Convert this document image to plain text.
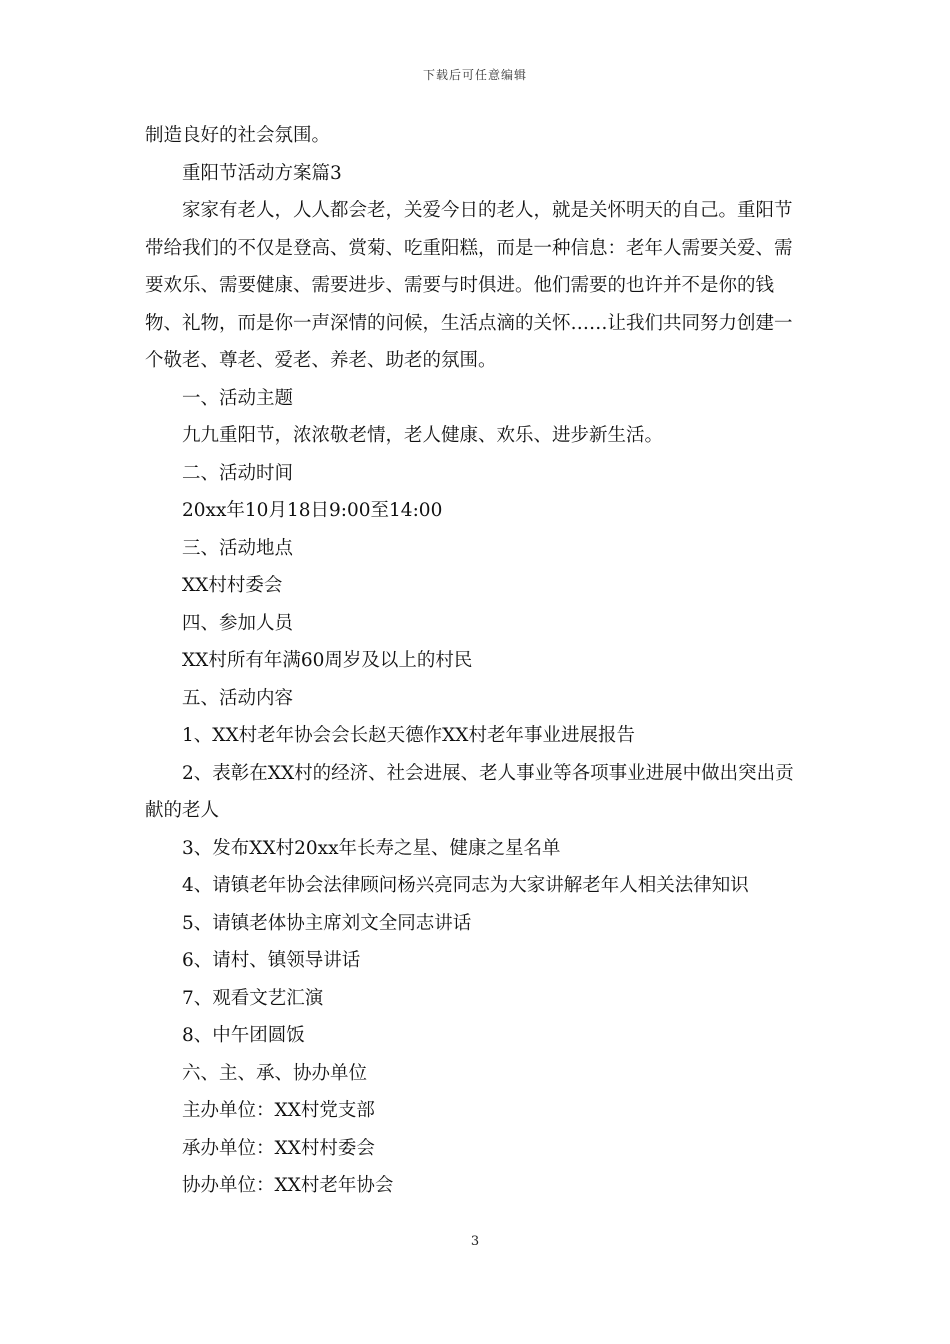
下载后可任意编辑

制造良好的社会氛围。

重阳节活动方案篇3

家家有老人，人人都会老，关爱今日的老人，就是关怀明天的自己。重阳节带给我们的不仅是登高、赏菊、吃重阳糕，而是一种信息：老年人需要关爱、需要欢乐、需要健康、需要进步、需要与时俱进。他们需要的也许并不是你的钱物、礼物，而是你一声深情的问候，生活点滴的关怀……让我们共同努力创建一个敬老、尊老、爱老、养老、助老的氛围。

一、活动主题

九九重阳节，浓浓敬老情，老人健康、欢乐、进步新生活。

二、活动时间

20xx年10月18日9:00至14:00

三、活动地点

XX村村委会

四、参加人员

XX村所有年满60周岁及以上的村民

五、活动内容

1、XX村老年协会会长赵天德作XX村老年事业进展报告

2、表彰在XX村的经济、社会进展、老人事业等各项事业进展中做出突出贡献的老人

3、发布XX村20xx年长寿之星、健康之星名单

4、请镇老年协会法律顾问杨兴亮同志为大家讲解老年人相关法律知识

5、请镇老体协主席刘文全同志讲话

6、请村、镇领导讲话

7、观看文艺汇演

8、中午团圆饭

六、主、承、协办单位

主办单位：XX村党支部

承办单位：XX村村委会

协办单位：XX村老年协会

3
